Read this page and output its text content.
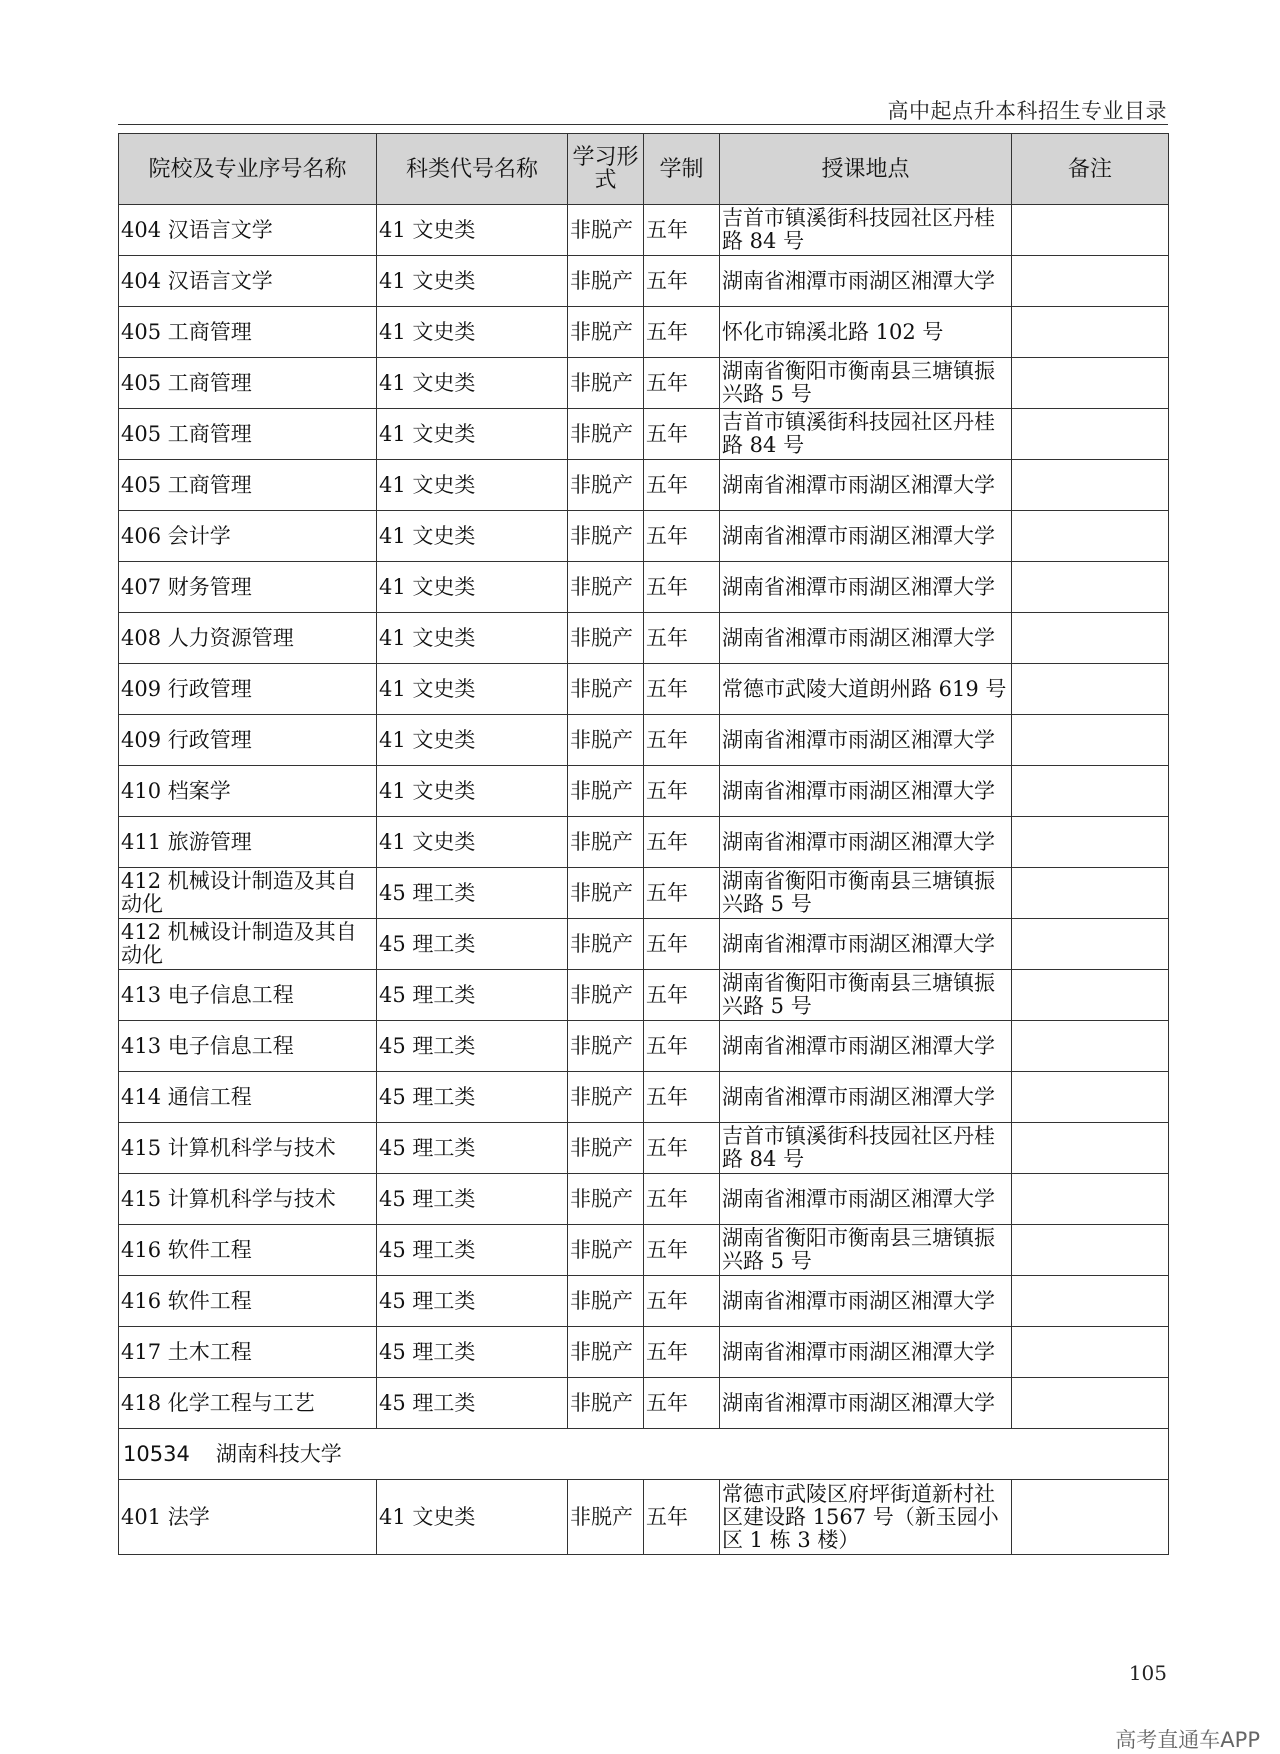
高中起点升本科招生专业目录
院校及专业序号名称	科类代号名称	学习形式	学制	授课地点	备注
404 汉语言文学	41 文史类	非脱产	五年	吉首市镇溪街科技园社区丹桂路 84 号	
404 汉语言文学	41 文史类	非脱产	五年	湖南省湘潭市雨湖区湘潭大学	
405 工商管理	41 文史类	非脱产	五年	怀化市锦溪北路 102 号	
405 工商管理	41 文史类	非脱产	五年	湖南省衡阳市衡南县三塘镇振兴路 5 号	
405 工商管理	41 文史类	非脱产	五年	吉首市镇溪街科技园社区丹桂路 84 号	
405 工商管理	41 文史类	非脱产	五年	湖南省湘潭市雨湖区湘潭大学	
406 会计学	41 文史类	非脱产	五年	湖南省湘潭市雨湖区湘潭大学	
407 财务管理	41 文史类	非脱产	五年	湖南省湘潭市雨湖区湘潭大学	
408 人力资源管理	41 文史类	非脱产	五年	湖南省湘潭市雨湖区湘潭大学	
409 行政管理	41 文史类	非脱产	五年	常德市武陵大道朗州路 619 号	
409 行政管理	41 文史类	非脱产	五年	湖南省湘潭市雨湖区湘潭大学	
410 档案学	41 文史类	非脱产	五年	湖南省湘潭市雨湖区湘潭大学	
411 旅游管理	41 文史类	非脱产	五年	湖南省湘潭市雨湖区湘潭大学	
412 机械设计制造及其自动化	45 理工类	非脱产	五年	湖南省衡阳市衡南县三塘镇振兴路 5 号	
412 机械设计制造及其自动化	45 理工类	非脱产	五年	湖南省湘潭市雨湖区湘潭大学	
413 电子信息工程	45 理工类	非脱产	五年	湖南省衡阳市衡南县三塘镇振兴路 5 号	
413 电子信息工程	45 理工类	非脱产	五年	湖南省湘潭市雨湖区湘潭大学	
414 通信工程	45 理工类	非脱产	五年	湖南省湘潭市雨湖区湘潭大学	
415 计算机科学与技术	45 理工类	非脱产	五年	吉首市镇溪街科技园社区丹桂路 84 号	
415 计算机科学与技术	45 理工类	非脱产	五年	湖南省湘潭市雨湖区湘潭大学	
416 软件工程	45 理工类	非脱产	五年	湖南省衡阳市衡南县三塘镇振兴路 5 号	
416 软件工程	45 理工类	非脱产	五年	湖南省湘潭市雨湖区湘潭大学	
417 土木工程	45 理工类	非脱产	五年	湖南省湘潭市雨湖区湘潭大学	
418 化学工程与工艺	45 理工类	非脱产	五年	湖南省湘潭市雨湖区湘潭大学	
10534 湖南科技大学					
401 法学	41 文史类	非脱产	五年	常德市武陵区府坪街道新村社区建设路 1567 号（新玉园小区 1 栋 3 楼）	
105
高考直通车APP
